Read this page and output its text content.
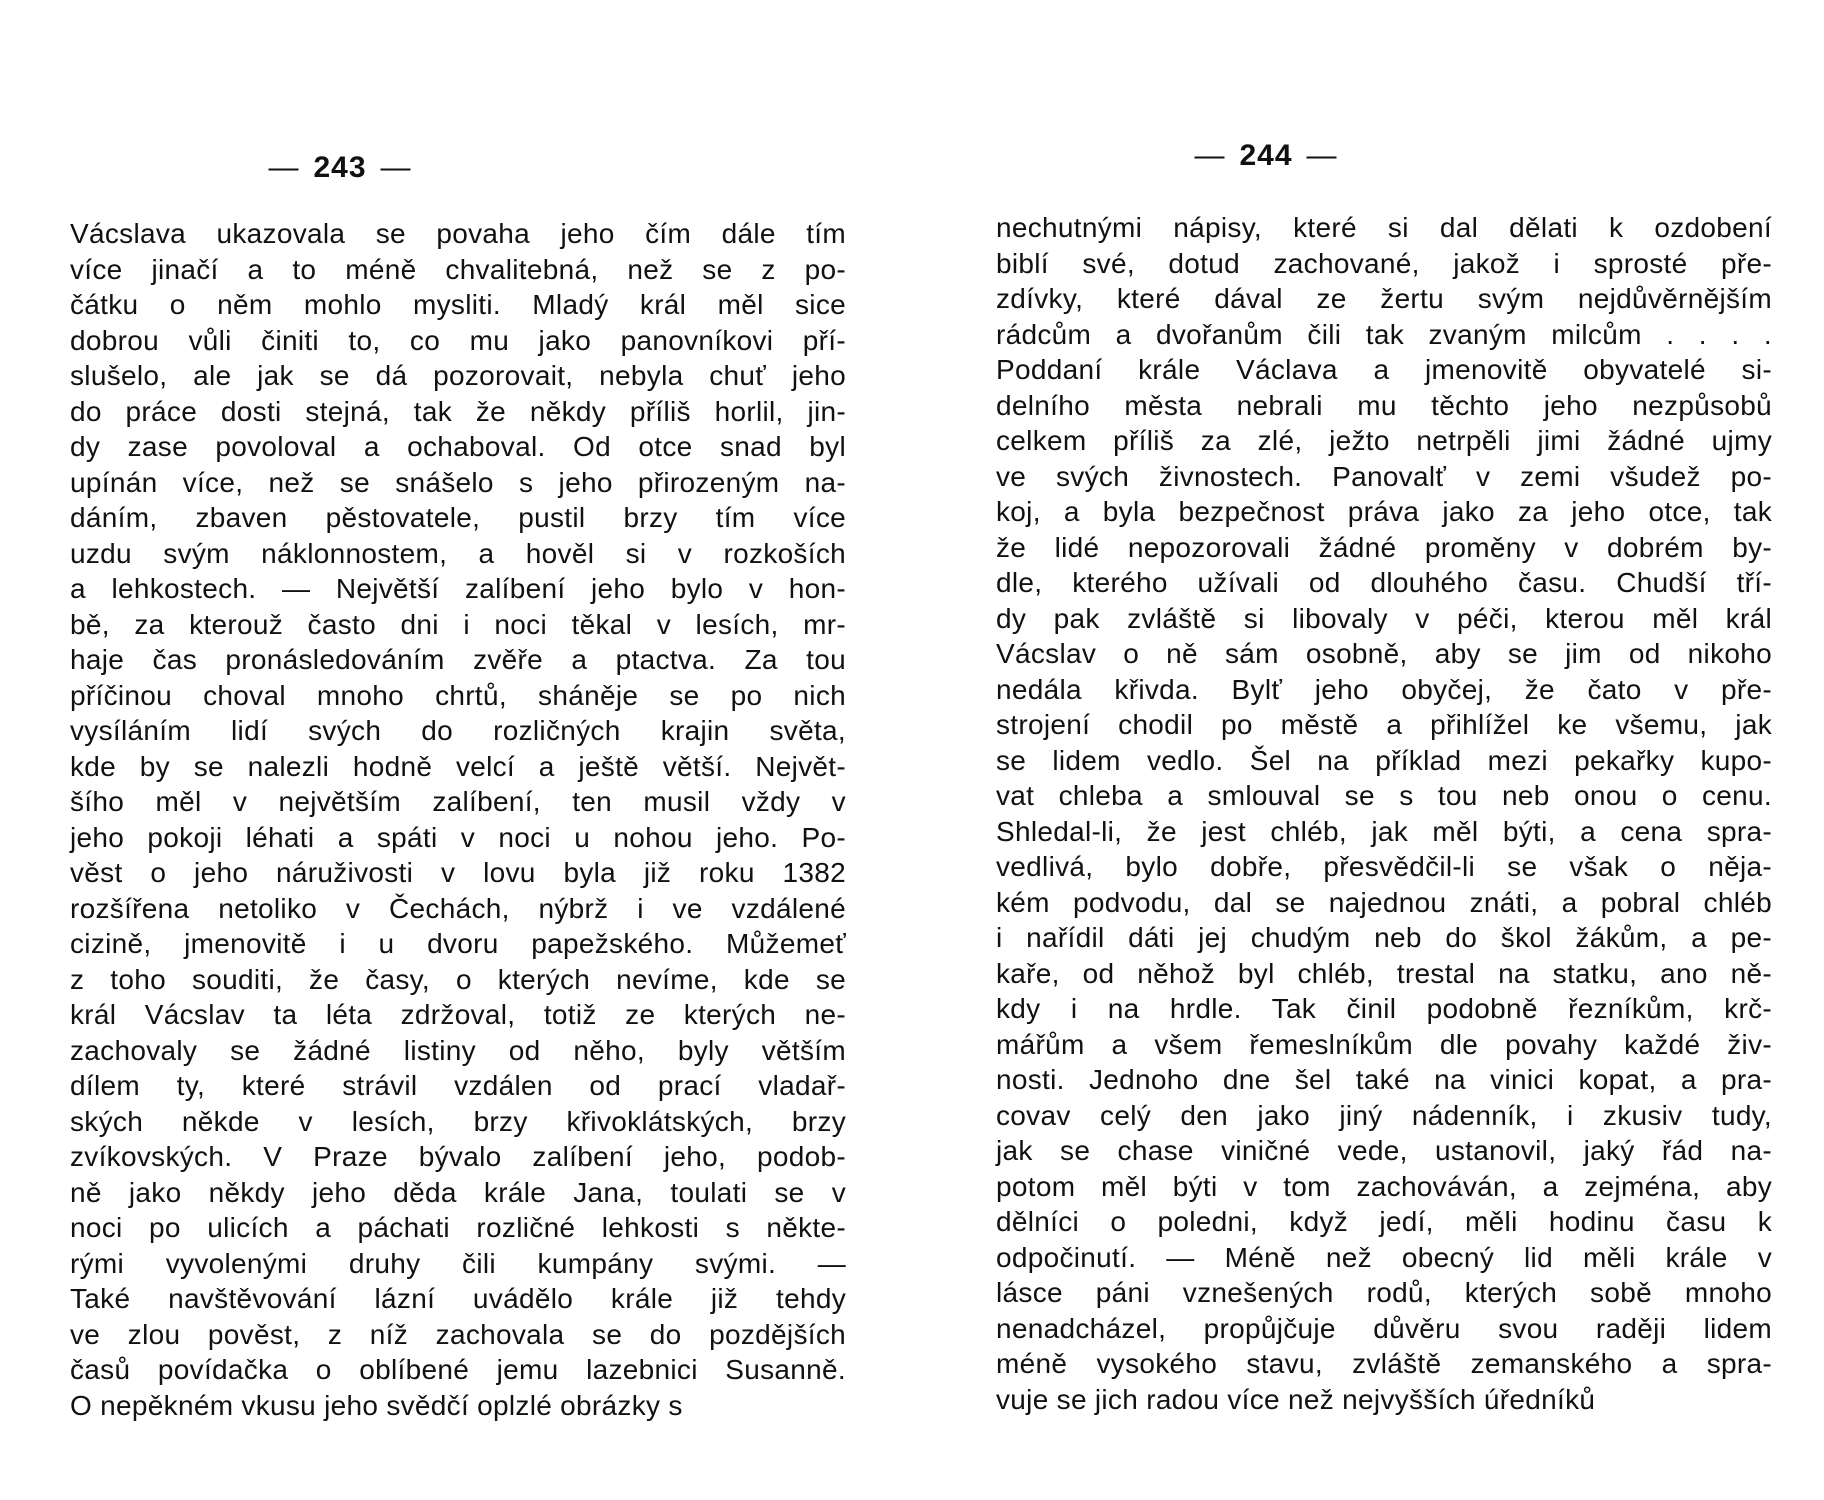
— 243 —
Vácslava ukazovala se povaha jeho čím dále tím
více jinačí a to méně chvalitebná, než se z po-
čátku o něm mohlo mysliti. Mladý král měl sice
dobrou vůli činiti to, co mu jako panovníkovi pří-
slušelo, ale jak se dá pozorovait, nebyla chuť jeho
do práce dosti stejná, tak že někdy příliš horlil, jin-
dy zase povoloval a ochaboval. Od otce snad byl
upínán více, než se snášelo s jeho přirozeným na-
dáním, zbaven pěstovatele, pustil brzy tím více
uzdu svým náklonnostem, a hověl si v rozkoších
a lehkostech. — Největší zalíbení jeho bylo v hon-
bě, za kterouž často dni i noci těkal v lesích, mr-
haje čas pronásledováním zvěře a ptactva. Za tou
příčinou choval mnoho chrtů, sháněje se po nich
vysíláním lidí svých do rozličných krajin světa,
kde by se nalezli hodně velcí a ještě větší. Největ-
šího měl v největším zalíbení, ten musil vždy v
jeho pokoji léhati a spáti v noci u nohou jeho. Po-
věst o jeho náruživosti v lovu byla již roku 1382
rozšířena netoliko v Čechách, nýbrž i ve vzdálené
cizině, jmenovitě i u dvoru papežského. Můžemeť
z toho souditi, že časy, o kterých nevíme, kde se
král Vácslav ta léta zdržoval, totiž ze kterých ne-
zachovaly se žádné listiny od něho, byly větším
dílem ty, které strávil vzdálen od prací vladař-
ských někde v lesích, brzy křivoklátských, brzy
zvíkovských. V Praze bývalo zalíbení jeho, podob-
ně jako někdy jeho děda krále Jana, toulati se v
noci po ulicích a páchati rozličné lehkosti s někte-
rými vyvolenými druhy čili kumpány svými. —
Také navštěvování lázní uvádělo krále již tehdy
ve zlou pověst, z níž zachovala se do pozdějších
časů povídačka o oblíbené jemu lazebnici Susanně.
O nepěkném vkusu jeho svědčí oplzlé obrázky s
— 244 —
nechutnými nápisy, které si dal dělati k ozdobení
biblí své, dotud zachované, jakož i sprosté pře-
zdívky, které dával ze žertu svým nejdůvěrnějším
rádcům a dvořanům čili tak zvaným milcům . . . .
Poddaní krále Václava a jmenovitě obyvatelé si-
delního města nebrali mu těchto jeho nezpůsobů
celkem příliš za zlé, ježto netrpěli jimi žádné ujmy
ve svých živnostech. Panovalť v zemi všudež po-
koj, a byla bezpečnost práva jako za jeho otce, tak
že lidé nepozorovali žádné proměny v dobrém by-
dle, kterého užívali od dlouhého času. Chudší tří-
dy pak zvláště si libovaly v péči, kterou měl král
Vácslav o ně sám osobně, aby se jim od nikoho
nedála křivda. Bylť jeho obyčej, že čato v pře-
strojení chodil po městě a přihlížel ke všemu, jak
se lidem vedlo. Šel na příklad mezi pekařky kupo-
vat chleba a smlouval se s tou neb onou o cenu.
Shledal-li, že jest chléb, jak měl býti, a cena spra-
vedlivá, bylo dobře, přesvědčil-li se však o něja-
kém podvodu, dal se najednou znáti, a pobral chléb
i nařídil dáti jej chudým neb do škol žákům, a pe-
kaře, od něhož byl chléb, trestal na statku, ano ně-
kdy i na hrdle. Tak činil podobně řezníkům, krč-
mářům a všem řemeslníkům dle povahy každé živ-
nosti. Jednoho dne šel také na vinici kopat, a pra-
covav celý den jako jiný nádenník, i zkusiv tudy,
jak se chase viničné vede, ustanovil, jaký řád na-
potom měl býti v tom zachováván, a zejména, aby
dělníci o poledni, když jedí, měli hodinu času k
odpočinutí. — Méně než obecný lid měli krále v
lásce páni vznešených rodů, kterých sobě mnoho
nenadcházel, propůjčuje důvěru svou raději lidem
méně vysokého stavu, zvláště zemanského a spra-
vuje se jich radou více než nejvyšších úředníků
